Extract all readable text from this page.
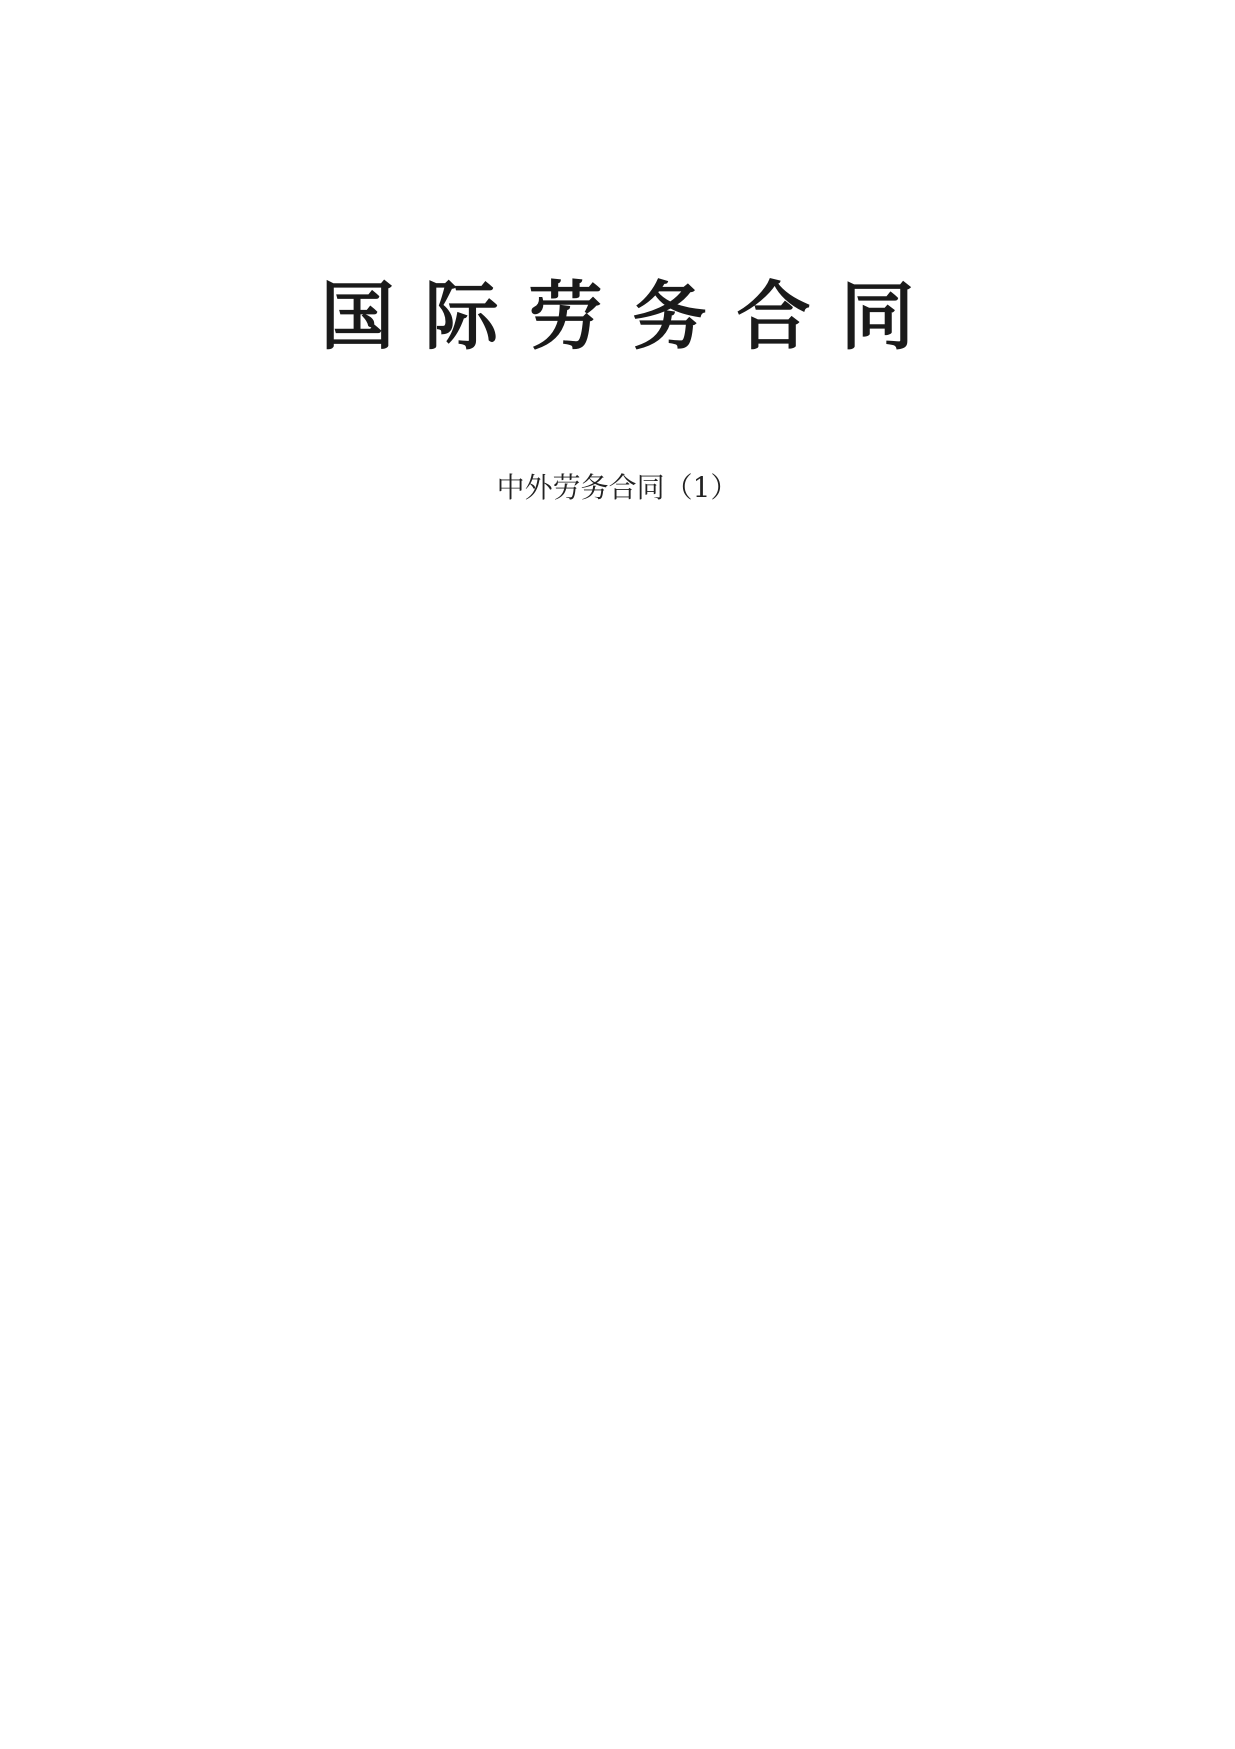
国际劳务合同
中外劳务合同（1）
